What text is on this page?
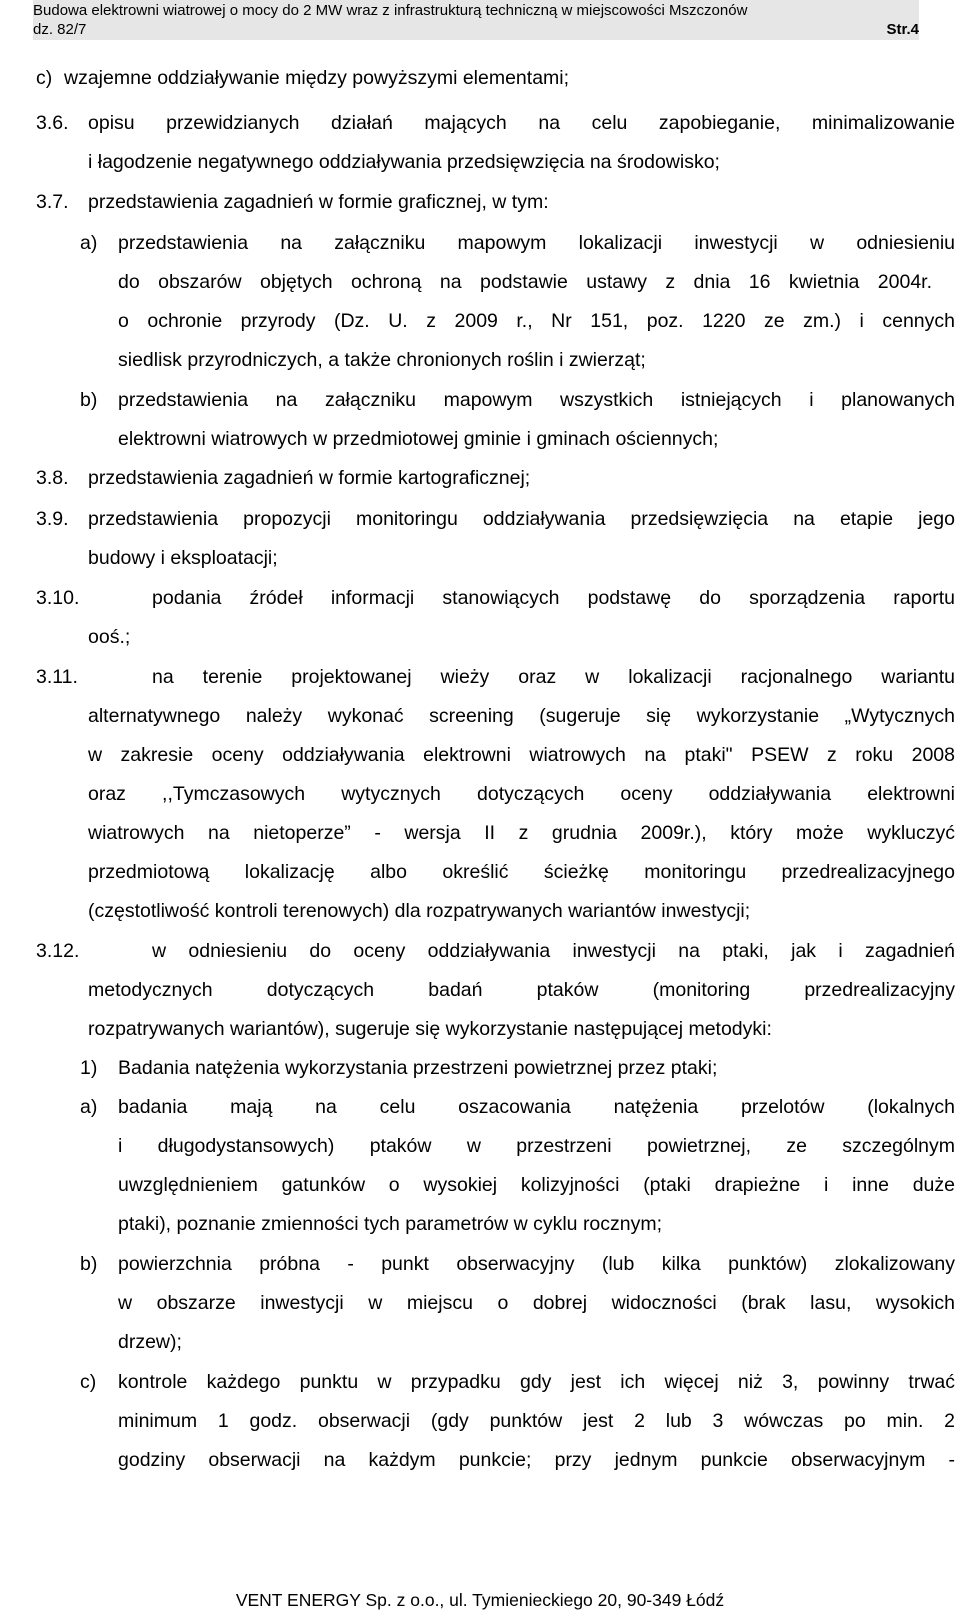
Budowa elektrowni wiatrowej o mocy do 2 MW wraz z infrastrukturą techniczną w miejscowości Mszczonów
dz. 82/7	Str.4
c) wzajemne oddziaływanie między powyższymi elementami;
3.6. opisu przewidzianych działań mających na celu zapobieganie, minimalizowanie
i łagodzenie negatywnego oddziaływania przedsięwzięcia na środowisko;
3.7. przedstawienia zagadnień w formie graficznej, w tym:
a) przedstawienia na załączniku mapowym lokalizacji inwestycji w odniesieniu
do obszarów objętych ochroną na podstawie ustawy z dnia 16 kwietnia 2004r.
o ochronie przyrody (Dz. U. z 2009 r., Nr 151, poz. 1220 ze zm.) i cennych
siedlisk przyrodniczych, a także chronionych roślin i zwierząt;
b) przedstawienia na załączniku mapowym wszystkich istniejących i planowanych
elektrowni wiatrowych w przedmiotowej gminie i gminach ościennych;
3.8. przedstawienia zagadnień w formie kartograficznej;
3.9. przedstawienia propozycji monitoringu oddziaływania przedsięwzięcia na etapie jego
budowy i eksploatacji;
3.10.	podania źródeł informacji stanowiących podstawę do sporządzenia raportu
ooś.;
3.11.	na terenie projektowanej wieży oraz w lokalizacji racjonalnego wariantu
alternatywnego należy wykonać screening (sugeruje się wykorzystanie „Wytycznych
w zakresie oceny oddziaływania elektrowni wiatrowych na ptaki" PSEW z roku 2008
oraz ,,Tymczasowych wytycznych dotyczących oceny oddziaływania elektrowni
wiatrowych na nietoperze” - wersja II z grudnia 2009r.), który może wykluczyć
przedmiotową lokalizację albo określić ścieżkę monitoringu przedrealizacyjnego
(częstotliwość kontroli terenowych) dla rozpatrywanych wariantów inwestycji;
3.12.	w odniesieniu do oceny oddziaływania inwestycji na ptaki, jak i zagadnień
metodycznych dotyczących badań ptaków (monitoring przedrealizacyjny
rozpatrywanych wariantów), sugeruje się wykorzystanie następującej metodyki:
1) Badania natężenia wykorzystania przestrzeni powietrznej przez ptaki;
a) badania mają na celu oszacowania natężenia przelotów (lokalnych
i długodystansowych) ptaków w przestrzeni powietrznej, ze szczególnym
uwzględnieniem gatunków o wysokiej kolizyjności (ptaki drapieżne i inne duże
ptaki), poznanie zmienności tych parametrów w cyklu rocznym;
b) powierzchnia próbna - punkt obserwacyjny (lub kilka punktów) zlokalizowany
w obszarze inwestycji w miejscu o dobrej widoczności (brak lasu, wysokich
drzew);
c) kontrole każdego punktu w przypadku gdy jest ich więcej niż 3, powinny trwać
minimum 1 godz. obserwacji (gdy punktów jest 2 lub 3 wówczas po min. 2
godziny obserwacji na każdym punkcie; przy jednym punkcie obserwacyjnym -
VENT ENERGY Sp. z o.o., ul. Tymienieckiego 20, 90-349 Łódź
